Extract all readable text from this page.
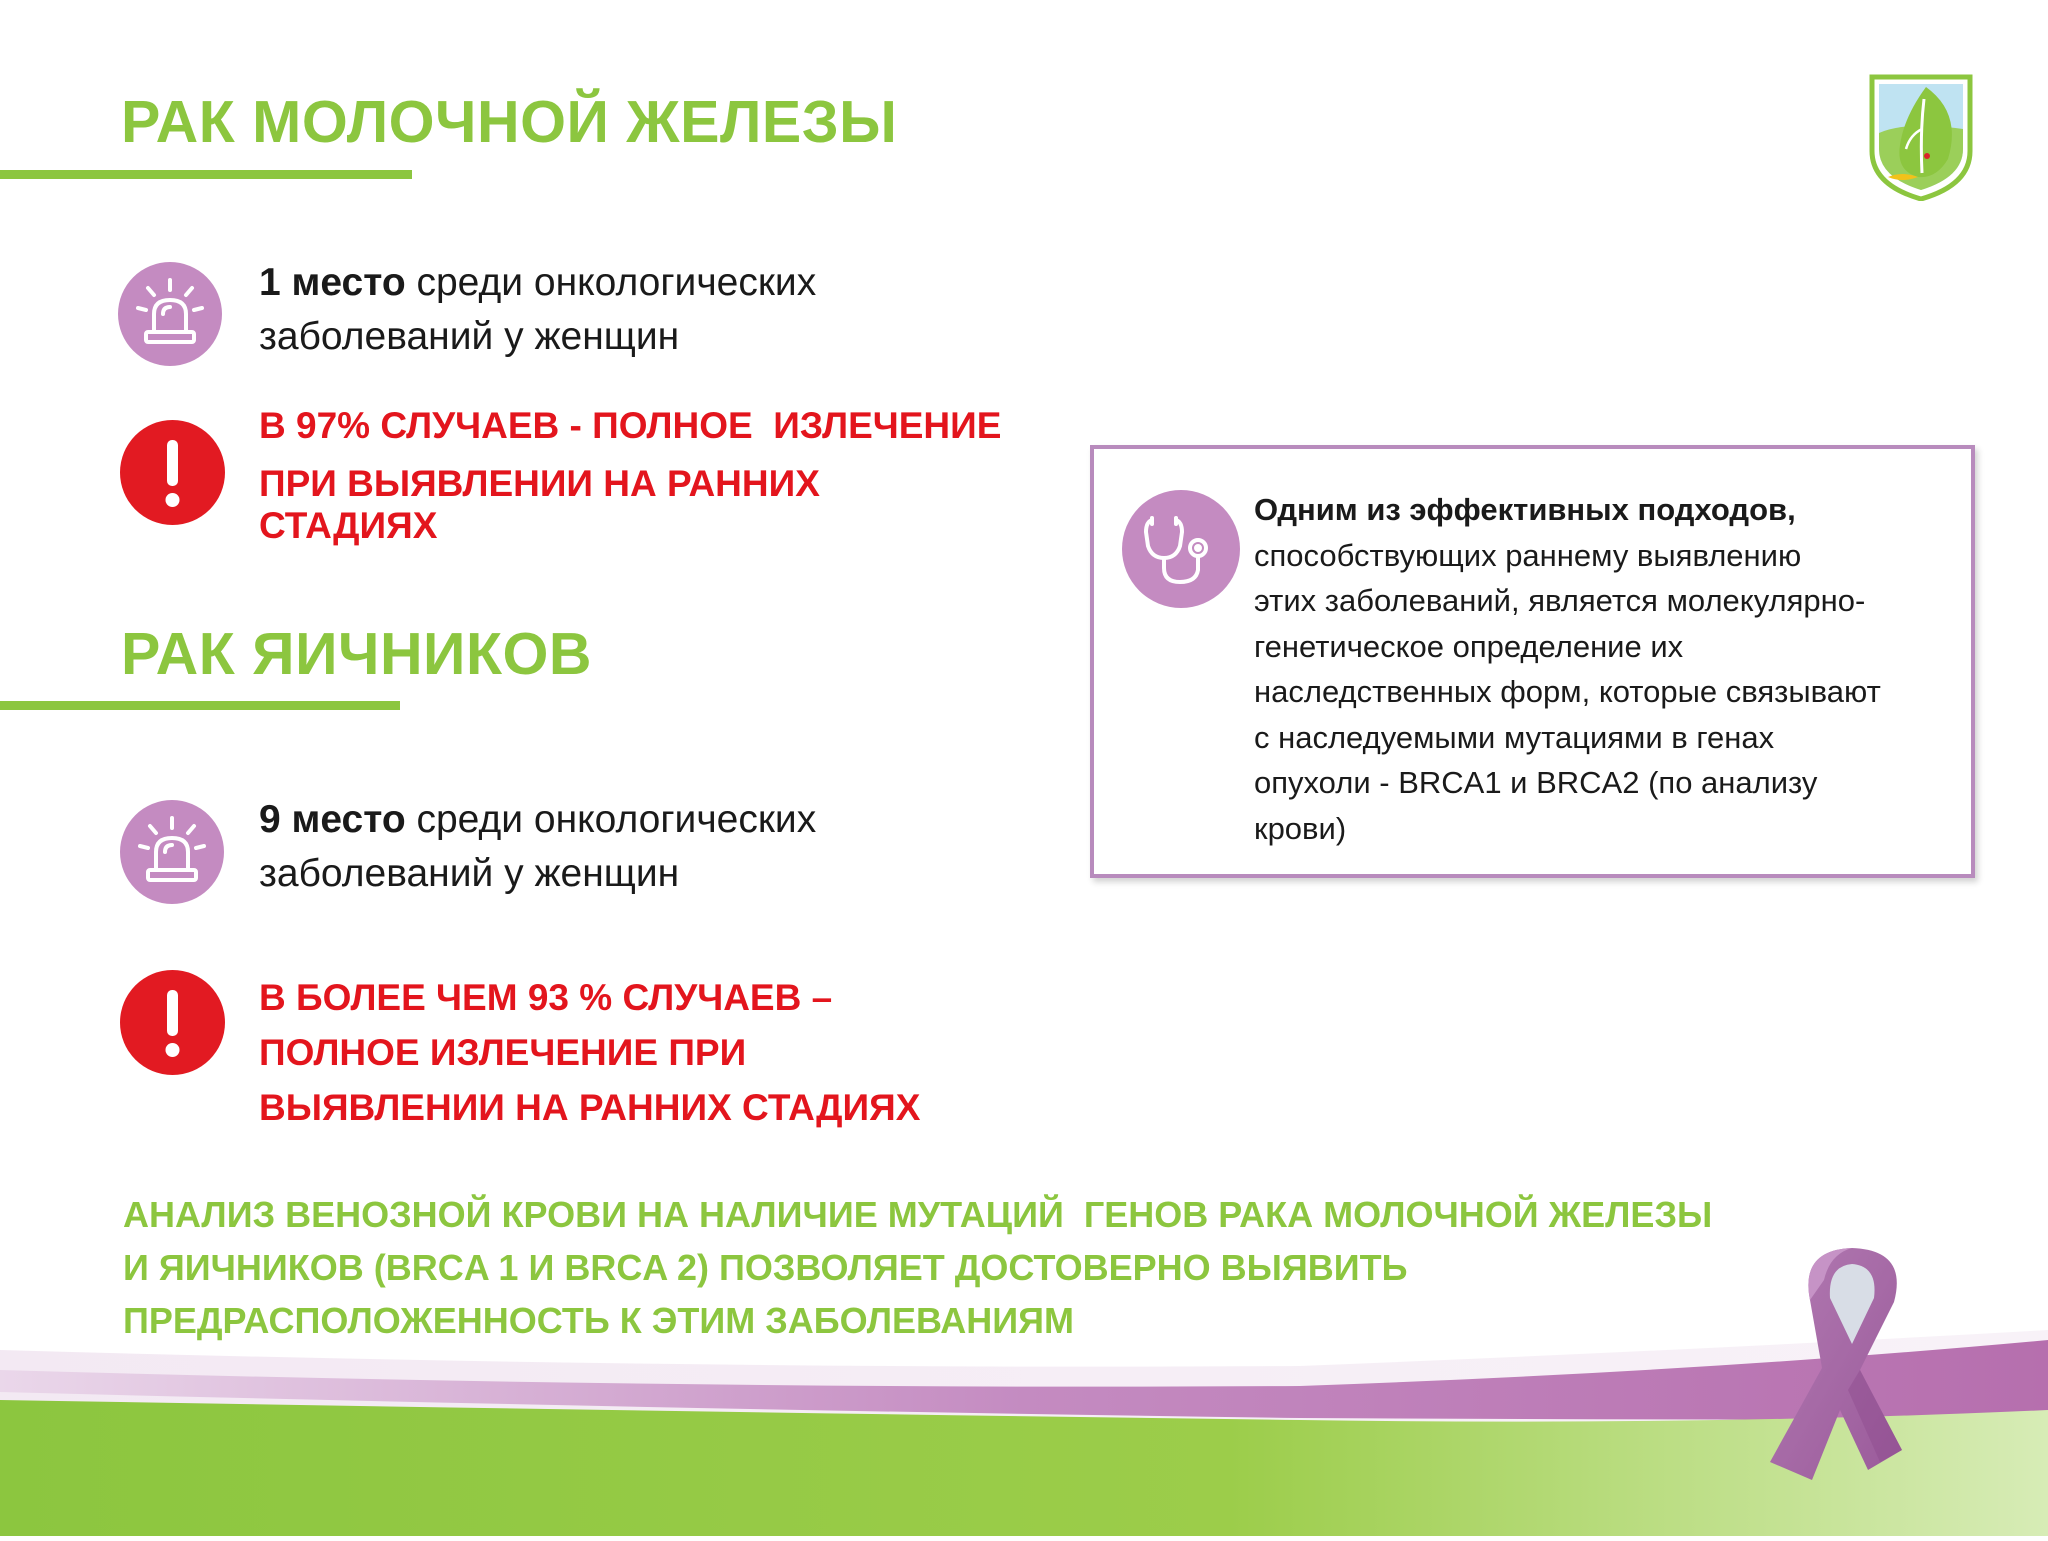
РАК МОЛОЧНОЙ ЖЕЛЕЗЫ
1 место среди онкологических
заболеваний у женщин
В 97% СЛУЧАЕВ - ПОЛНОЕ  ИЗЛЕЧЕНИЕ
ПРИ ВЫЯВЛЕНИИ НА РАННИХ
СТАДИЯХ
РАК ЯИЧНИКОВ
9 место среди онкологических
заболеваний у женщин
В БОЛЕЕ ЧЕМ 93 % СЛУЧАЕВ –
ПОЛНОЕ ИЗЛЕЧЕНИЕ ПРИ
ВЫЯВЛЕНИИ НА РАННИХ СТАДИЯХ
Одним из эффективных подходов,
способствующих раннему выявлению
этих заболеваний, является молекулярно-
генетическое определение их
наследственных форм, которые связывают
с наследуемыми мутациями в генах
опухоли - BRCA1 и BRCA2 (по анализу
крови)
АНАЛИЗ ВЕНОЗНОЙ КРОВИ НА НАЛИЧИЕ МУТАЦИЙ  ГЕНОВ РАКА МОЛОЧНОЙ ЖЕЛЕЗЫ
И ЯИЧНИКОВ (BRCA 1 И BRCA 2) ПОЗВОЛЯЕТ ДОСТОВЕРНО ВЫЯВИТЬ
ПРЕДРАСПОЛОЖЕННОСТЬ К ЭТИМ ЗАБОЛЕВАНИЯМ
